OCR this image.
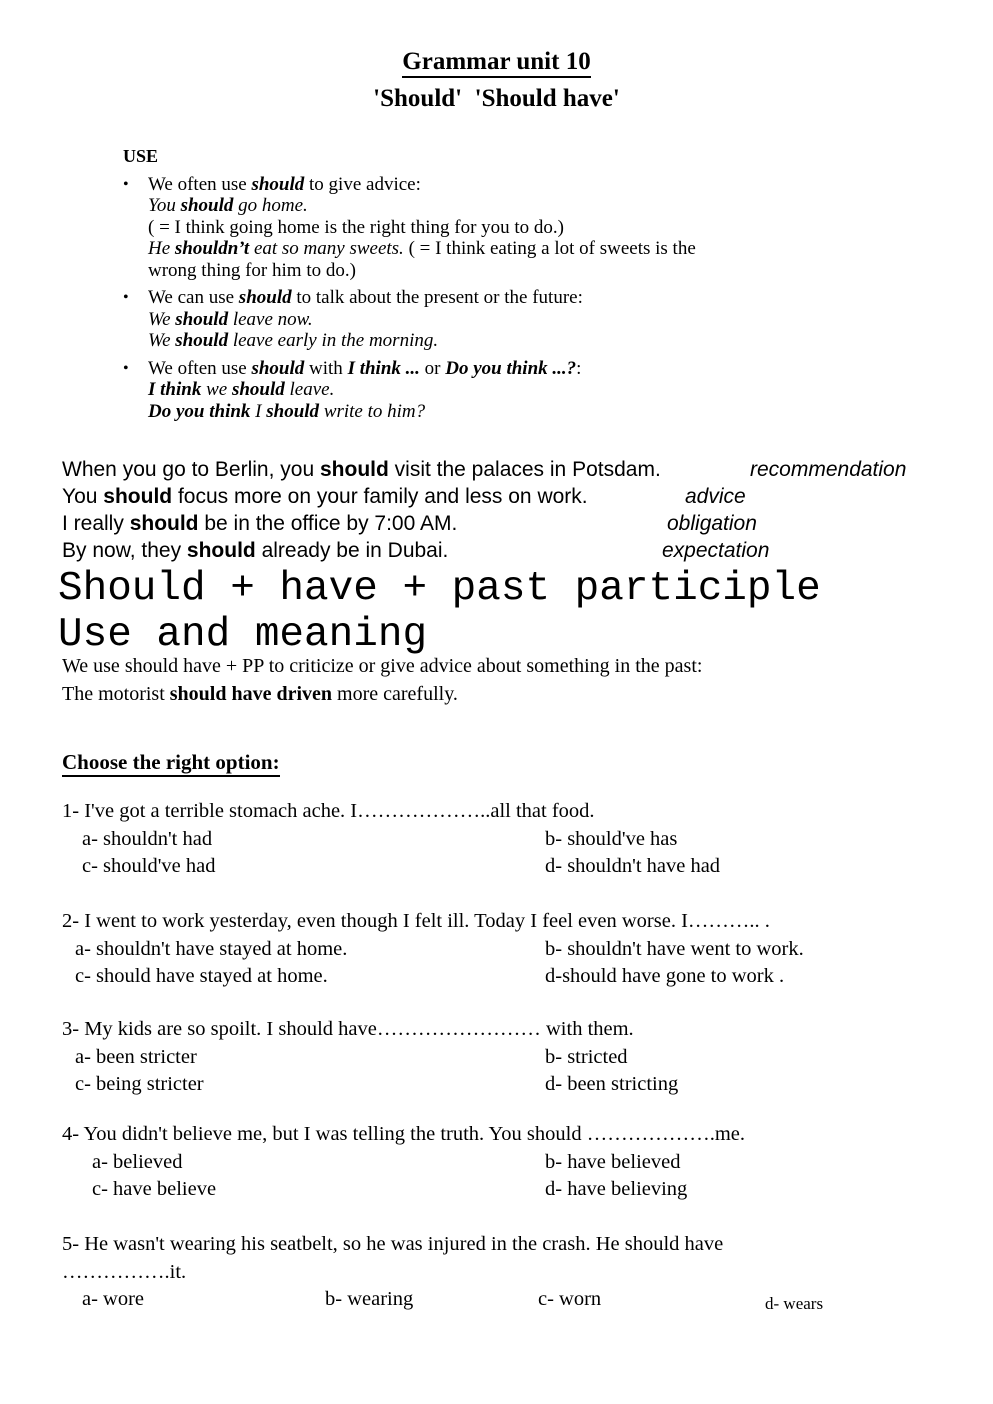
Grammar unit 10
'Should'  'Should have'
USE
•	We often use should to give advice:
You should go home.
( = I think going home is the right thing for you to do.)
He shouldn’t eat so many sweets. ( = I think eating a lot of sweets is the
wrong thing for him to do.)
•	We can use should to talk about the present or the future:
We should leave now.
We should leave early in the morning.
•	We often use should with I think ... or Do you think ...?:
I think we should leave.
Do you think I should write to him?
When you go to Berlin, you should visit the palaces in Potsdam.	recommendation
You should focus more on your family and less on work.	advice
I really should be in the office by 7:00 AM.	obligation
By now, they should already be in Dubai.	expectation
Should + have + past participle
Use and meaning
We use should have + PP to criticize or give advice about something in the past:
The motorist should have driven more carefully.
Choose the right option:
1- I've got a terrible stomach ache. I………………..all that food.
a- shouldn't had	b- should've has
c- should've had	d- shouldn't have had
2- I went to work yesterday, even though I felt ill. Today I feel even worse. I……….. .
a- shouldn't have stayed at home.	b- shouldn't have went to work.
c- should have stayed at home.	d-should have gone to work .
3- My kids are so spoilt. I should have…………………… with them.
a- been stricter	b- stricted
c- being stricter	d- been stricting
4- You didn't believe me, but I was telling the truth. You should ……………….me.
a- believed	b- have believed
c- have believe	d- have believing
5- He wasn't wearing his seatbelt, so he was injured in the crash. He should have
…………….it.
a- wore	b- wearing	c- worn	d- wears
